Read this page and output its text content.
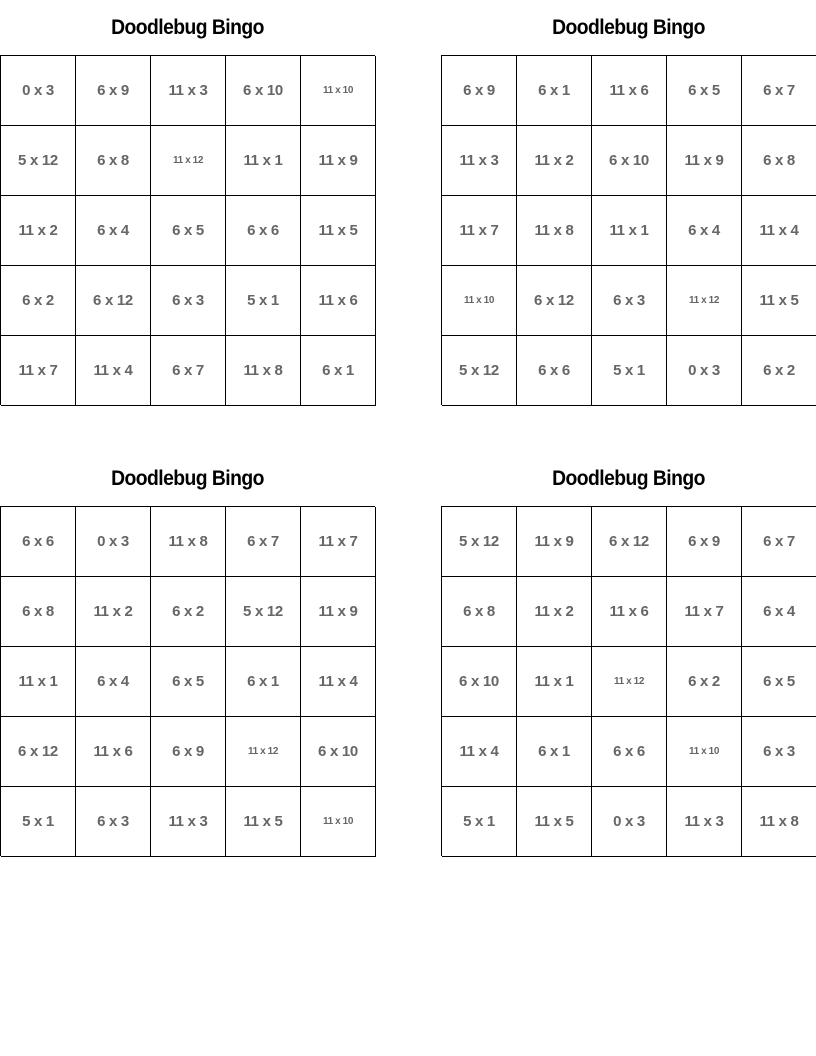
Doodlebug Bingo
0 x 3	6 x 9	11 x 3	6 x 10	11 x 10
5 x 12	6 x 8	11 x 12	11 x 1	11 x 9
11 x 2	6 x 4	6 x 5	6 x 6	11 x 5
6 x 2	6 x 12	6 x 3	5 x 1	11 x 6
11 x 7	11 x 4	6 x 7	11 x 8	6 x 1
Doodlebug Bingo
6 x 9	6 x 1	11 x 6	6 x 5	6 x 7
11 x 3	11 x 2	6 x 10	11 x 9	6 x 8
11 x 7	11 x 8	11 x 1	6 x 4	11 x 4
11 x 10	6 x 12	6 x 3	11 x 12	11 x 5
5 x 12	6 x 6	5 x 1	0 x 3	6 x 2
Doodlebug Bingo
6 x 6	0 x 3	11 x 8	6 x 7	11 x 7
6 x 8	11 x 2	6 x 2	5 x 12	11 x 9
11 x 1	6 x 4	6 x 5	6 x 1	11 x 4
6 x 12	11 x 6	6 x 9	11 x 12	6 x 10
5 x 1	6 x 3	11 x 3	11 x 5	11 x 10
Doodlebug Bingo
5 x 12	11 x 9	6 x 12	6 x 9	6 x 7
6 x 8	11 x 2	11 x 6	11 x 7	6 x 4
6 x 10	11 x 1	11 x 12	6 x 2	6 x 5
11 x 4	6 x 1	6 x 6	11 x 10	6 x 3
5 x 1	11 x 5	0 x 3	11 x 3	11 x 8
